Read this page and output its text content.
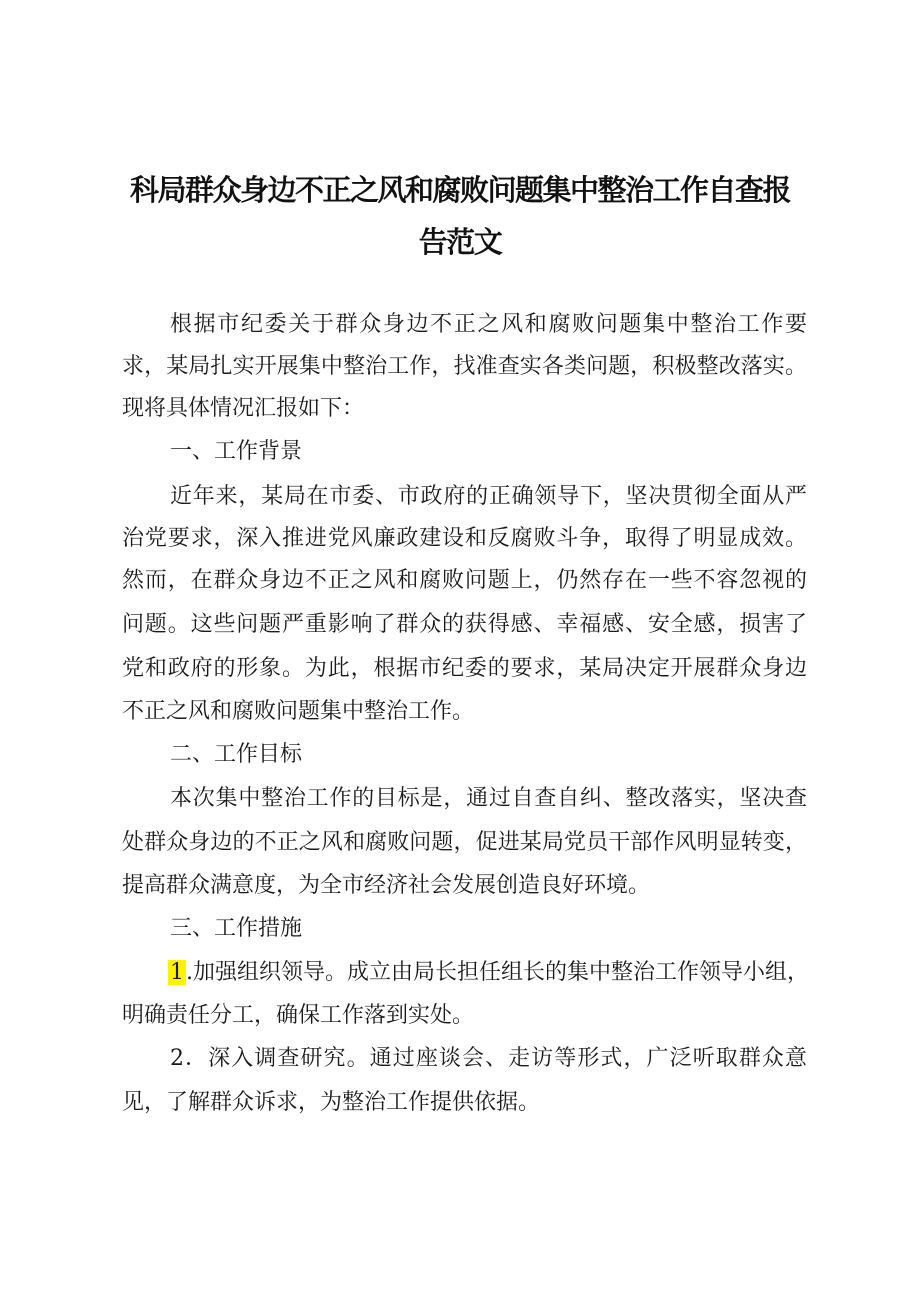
科局群众身边不正之风和腐败问题集中整治工作自查报
告范文
根据市纪委关于群众身边不正之风和腐败问题集中整治工作要
求，某局扎实开展集中整治工作，找准查实各类问题，积极整改落实。
现将具体情况汇报如下：
一、工作背景
近年来，某局在市委、市政府的正确领导下，坚决贯彻全面从严
治党要求，深入推进党风廉政建设和反腐败斗争，取得了明显成效。
然而，在群众身边不正之风和腐败问题上，仍然存在一些不容忽视的
问题。这些问题严重影响了群众的获得感、幸福感、安全感，损害了
党和政府的形象。为此，根据市纪委的要求，某局决定开展群众身边
不正之风和腐败问题集中整治工作。
二、工作目标
本次集中整治工作的目标是，通过自查自纠、整改落实，坚决查
处群众身边的不正之风和腐败问题，促进某局党员干部作风明显转变，
提高群众满意度，为全市经济社会发展创造良好环境。
三、工作措施
1.加强组织领导。成立由局长担任组长的集中整治工作领导小组，
明确责任分工，确保工作落到实处。
2．深入调查研究。通过座谈会、走访等形式，广泛听取群众意
见，了解群众诉求，为整治工作提供依据。
